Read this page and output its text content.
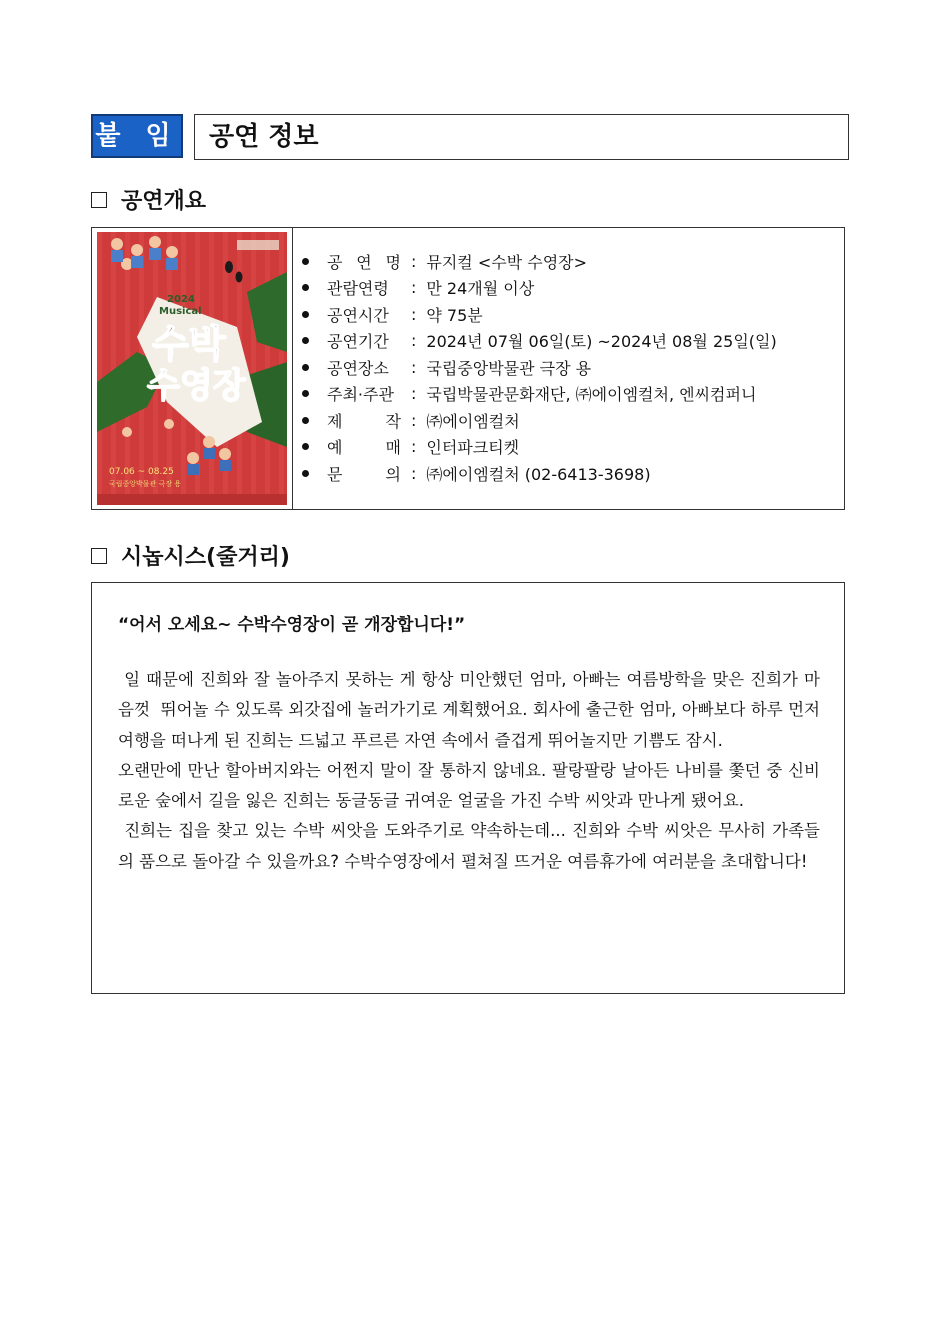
붙 임 공연 정보
공연개요
2024
Musical
수박
수영장
07.06 ~ 08.25
국립중앙박물관 극장 용
공 연 명 : 뮤지컬 <수박 수영장>
관람연령	: 만 24개월 이상
공연시간	: 약 75분
공연기간	: 2024년 07월 06일(토) ~2024년 08월 25일(일)
공연장소	: 국립중앙박물관 극장 용
주최·주관	: 국립박물관문화재단, ㈜에이엠컬처, 엔씨컴퍼니
제 작 : ㈜에이엠컬처
예 매 : 인터파크티켓
문 의 : ㈜에이엠컬처 (02-6413-3698)
시놉시스(줄거리)
“어서 오세요~ 수박수영장이 곧 개장합니다!”

일 때문에 진희와 잘 놀아주지 못하는 게 항상 미안했던 엄마, 아빠는 여름방학을 맞은 진희가 마음껏  뛰어놀 수 있도록 외갓집에 놀러가기로 계획했어요. 회사에 출근한 엄마, 아빠보다 하루 먼저 여행을 떠나게 된 진희는 드넓고 푸르른 자연 속에서 즐겁게 뛰어놀지만 기쁨도 잠시.

오랜만에 만난 할아버지와는 어쩐지 말이 잘 통하지 않네요. 팔랑팔랑 날아든 나비를 쫓던 중 신비로운 숲에서 길을 잃은 진희는 동글동글 귀여운 얼굴을 가진 수박 씨앗과 만나게 됐어요.

진희는 집을 찾고 있는 수박 씨앗을 도와주기로 약속하는데... 진희와 수박 씨앗은 무사히 가족들의 품으로 돌아갈 수 있을까요? 수박수영장에서 펼쳐질 뜨거운 여름휴가에 여러분을 초대합니다!
